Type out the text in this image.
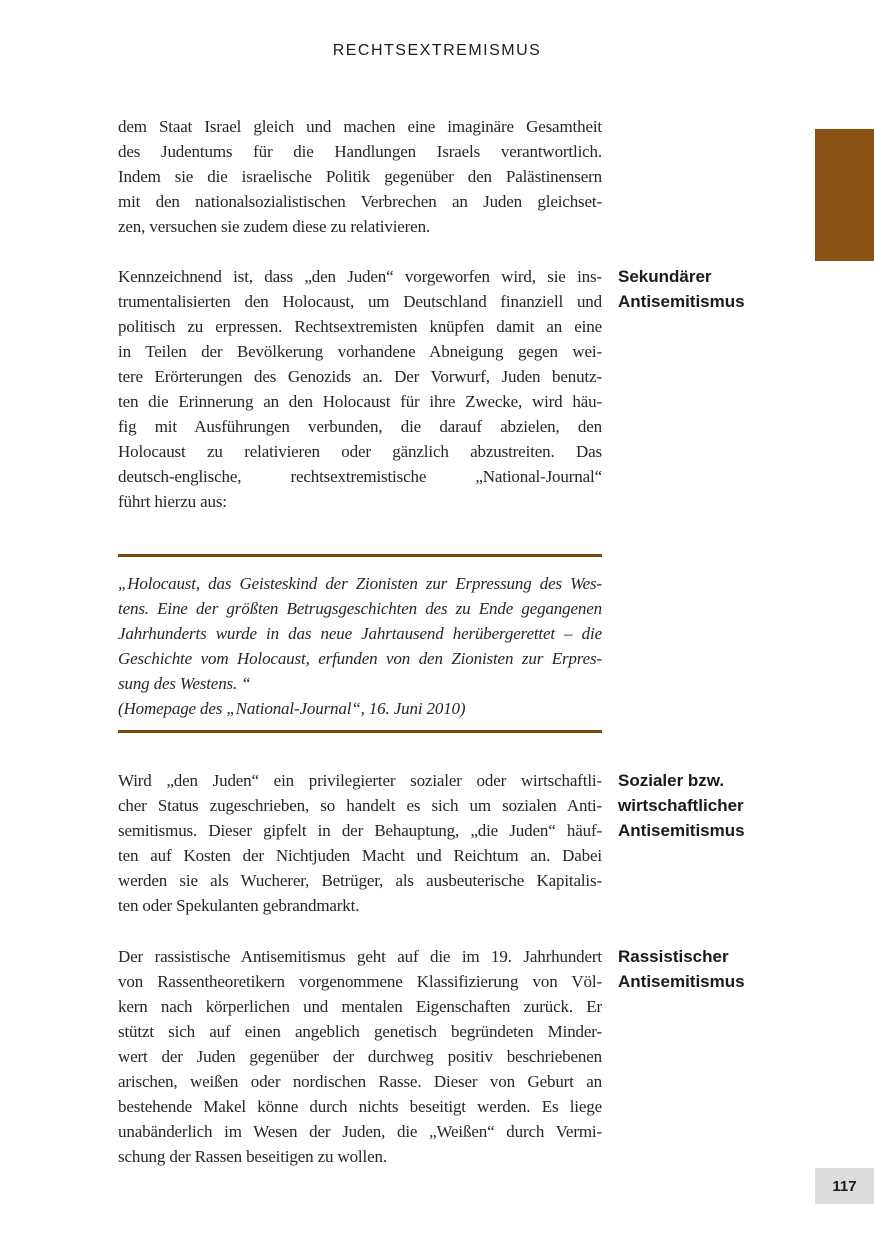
RECHTSEXTREMISMUS
dem Staat Israel gleich und machen eine imaginäre Gesamtheit
des Judentums für die Handlungen Israels verantwortlich.
Indem sie die israelische Politik gegenüber den Palästinensern
mit den nationalsozialistischen Verbrechen an Juden gleichset-
zen, versuchen sie zudem diese zu relativieren.
Kennzeichnend ist, dass „den Juden“ vorgeworfen wird, sie ins-
trumentalisierten den Holocaust, um Deutschland finanziell und
politisch zu erpressen. Rechtsextremisten knüpfen damit an eine
in Teilen der Bevölkerung vorhandene Abneigung gegen wei-
tere Erörterungen des Genozids an. Der Vorwurf, Juden benutz-
ten die Erinnerung an den Holocaust für ihre Zwecke, wird häu-
fig mit Ausführungen verbunden, die darauf abzielen, den
Holocaust zu relativieren oder gänzlich abzustreiten. Das
deutsch-englische, rechtsextremistische „National-Journal“
führt hierzu aus:
Sekundärer
Antisemitismus
„Holocaust, das Geisteskind der Zionisten zur Erpressung des Wes-
tens. Eine der größten Betrugsgeschichten des zu Ende gegangenen
Jahrhunderts wurde in das neue Jahrtausend herübergerettet – die
Geschichte vom Holocaust, erfunden von den Zionisten zur Erpres-
sung des Westens. “
(Homepage des „National-Journal“, 16. Juni 2010)
Wird „den Juden“ ein privilegierter sozialer oder wirtschaftli-
cher Status zugeschrieben, so handelt es sich um sozialen Anti-
semitismus. Dieser gipfelt in der Behauptung, „die Juden“ häuf-
ten auf Kosten der Nichtjuden Macht und Reichtum an. Dabei
werden sie als Wucherer, Betrüger, als ausbeuterische Kapitalis-
ten oder Spekulanten gebrandmarkt.
Sozialer bzw.
wirtschaftlicher
Antisemitismus
Der rassistische Antisemitismus geht auf die im 19. Jahrhundert
von Rassentheoretikern vorgenommene Klassifizierung von Völ-
kern nach körperlichen und mentalen Eigenschaften zurück. Er
stützt sich auf einen angeblich genetisch begründeten Minder-
wert der Juden gegenüber der durchweg positiv beschriebenen
arischen, weißen oder nordischen Rasse. Dieser von Geburt an
bestehende Makel könne durch nichts beseitigt werden. Es liege
unabänderlich im Wesen der Juden, die „Weißen“ durch Vermi-
schung der Rassen beseitigen zu wollen.
Rassistischer
Antisemitismus
117
